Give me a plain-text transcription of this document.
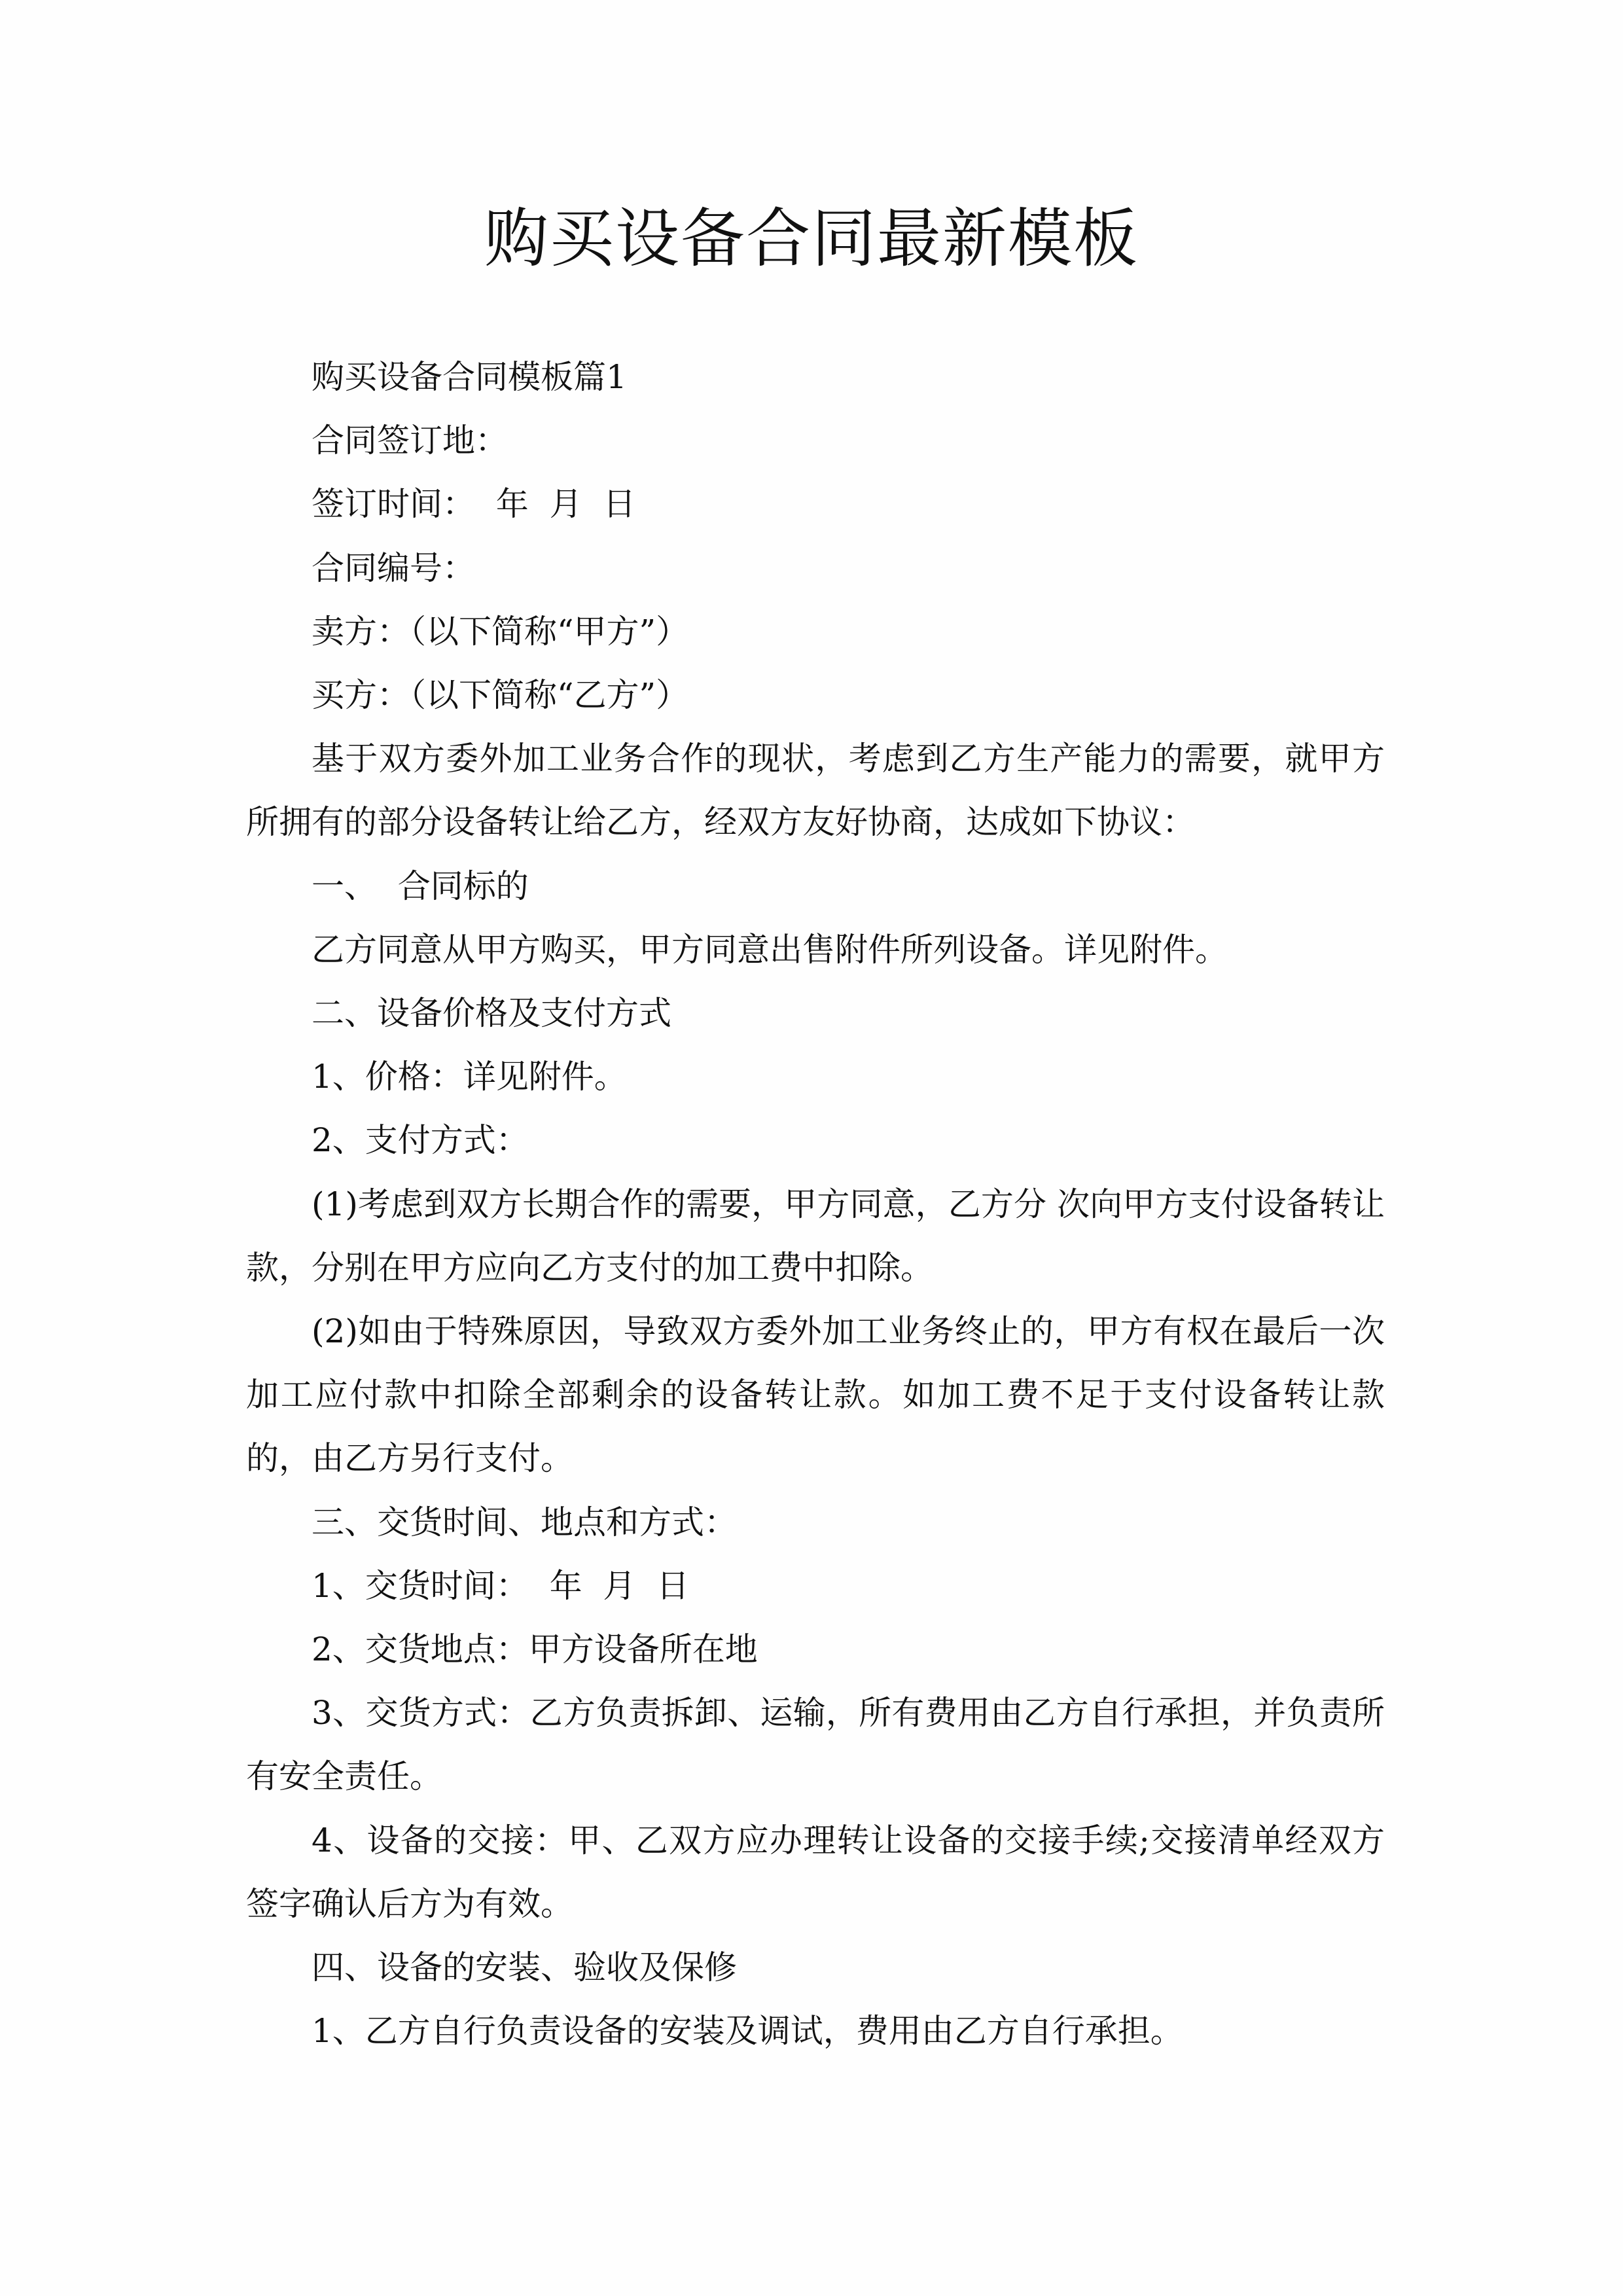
购买设备合同最新模板

购买设备合同模板篇1

合同签订地：

签订时间：  年  月  日

合同编号：

卖方：（以下简称“甲方”）

买方：（以下简称“乙方”）

基于双方委外加工业务合作的现状，考虑到乙方生产能力的需要，就甲方所拥有的部分设备转让给乙方，经双方友好协商，达成如下协议：

一、  合同标的

乙方同意从甲方购买，甲方同意出售附件所列设备。详见附件。

二、设备价格及支付方式

1、价格：详见附件。

2、支付方式：

(1)考虑到双方长期合作的需要，甲方同意，乙方分 次向甲方支付设备转让款，分别在甲方应向乙方支付的加工费中扣除。

(2)如由于特殊原因，导致双方委外加工业务终止的，甲方有权在最后一次加工应付款中扣除全部剩余的设备转让款。如加工费不足于支付设备转让款的，由乙方另行支付。

三、交货时间、地点和方式：

1、交货时间：  年  月  日

2、交货地点：甲方设备所在地

3、交货方式：乙方负责拆卸、运输，所有费用由乙方自行承担，并负责所有安全责任。

4、设备的交接：甲、乙双方应办理转让设备的交接手续;交接清单经双方签字确认后方为有效。

四、设备的安装、验收及保修

1、乙方自行负责设备的安装及调试，费用由乙方自行承担。
